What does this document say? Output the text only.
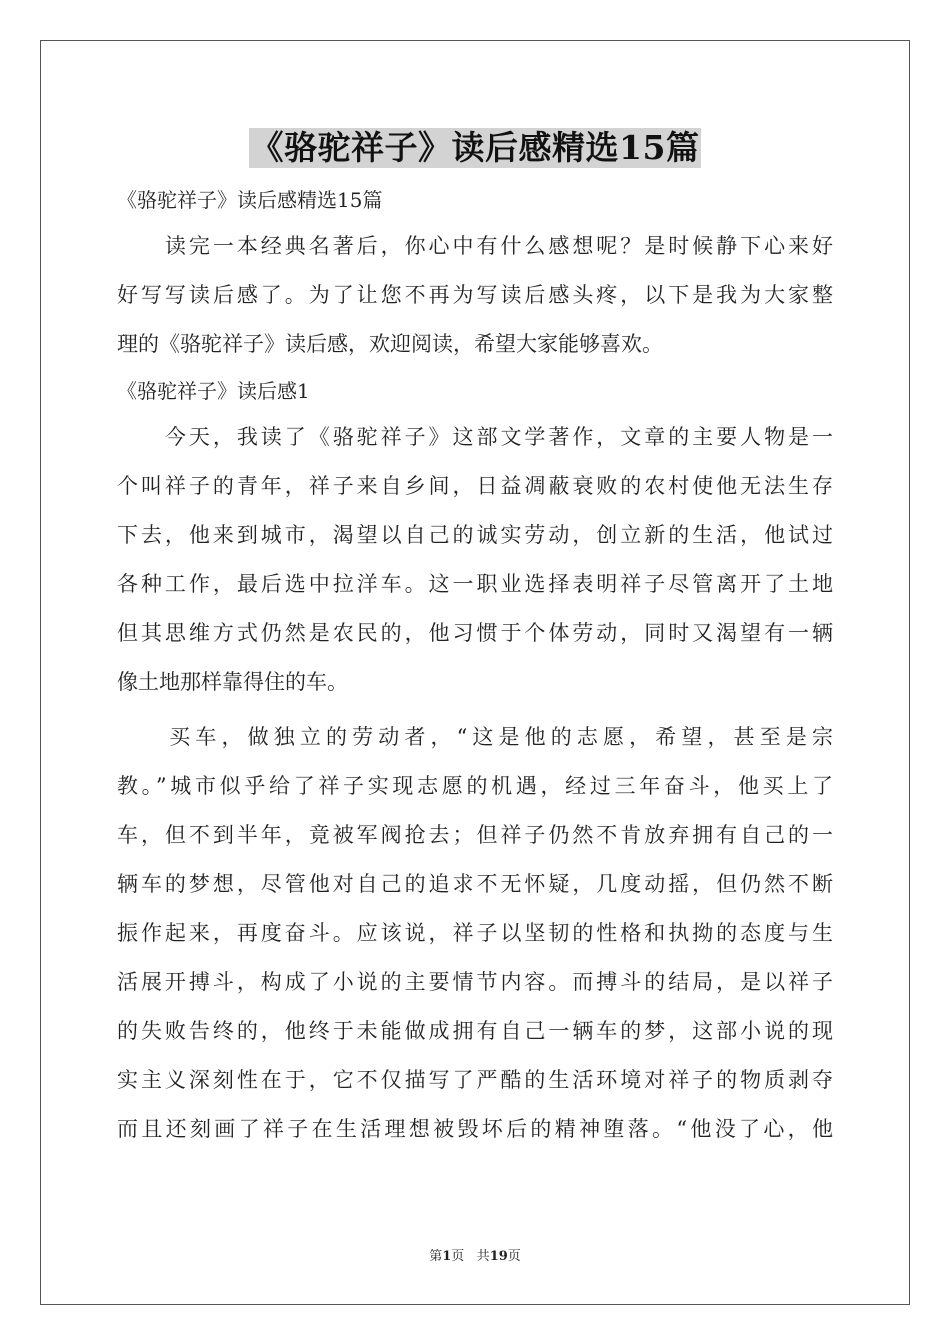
《骆驼祥子》读后感精选15篇
《骆驼祥子》读后感精选15篇
　　读完一本经典名著后，你心中有什么感想呢？是时候静下心来好
好写写读后感了。为了让您不再为写读后感头疼，以下是我为大家整
理的《骆驼祥子》读后感，欢迎阅读，希望大家能够喜欢。
《骆驼祥子》读后感1
　　今天，我读了《骆驼祥子》这部文学著作，文章的主要人物是一
个叫祥子的青年，祥子来自乡间，日益凋蔽衰败的农村使他无法生存
下去，他来到城市，渴望以自己的诚实劳动，创立新的生活，他试过
各种工作，最后选中拉洋车。这一职业选择表明祥子尽管离开了土地
但其思维方式仍然是农民的，他习惯于个体劳动，同时又渴望有一辆
像土地那样靠得住的车。
　　买车，做独立的劳动者，“这是他的志愿，希望，甚至是宗
教。”城市似乎给了祥子实现志愿的机遇，经过三年奋斗，他买上了
车，但不到半年，竟被军阀抢去；但祥子仍然不肯放弃拥有自己的一
辆车的梦想，尽管他对自己的追求不无怀疑，几度动摇，但仍然不断
振作起来，再度奋斗。应该说，祥子以坚韧的性格和执拗的态度与生
活展开搏斗，构成了小说的主要情节内容。而搏斗的结局，是以祥子
的失败告终的，他终于未能做成拥有自己一辆车的梦，这部小说的现
实主义深刻性在于，它不仅描写了严酷的生活环境对祥子的物质剥夺
而且还刻画了祥子在生活理想被毁坏后的精神堕落。“他没了心，他
第1页 共19页
